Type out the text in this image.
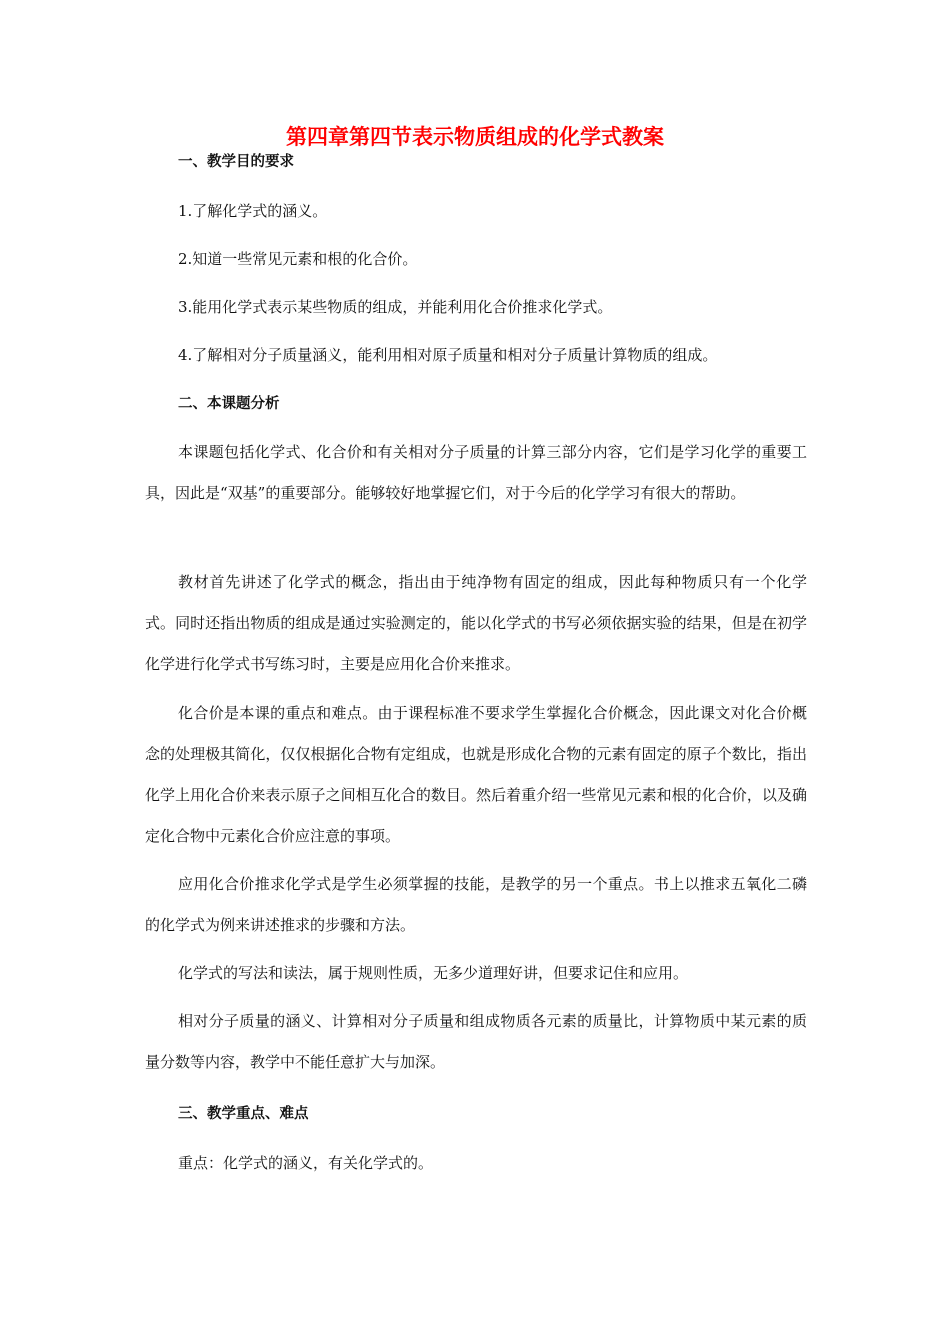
第四章第四节表示物质组成的化学式教案
一、教学目的要求

1.了解化学式的涵义。

2.知道一些常见元素和根的化合价。

3.能用化学式表示某些物质的组成，并能利用化合价推求化学式。

4.了解相对分子质量涵义，能利用相对原子质量和相对分子质量计算物质的组成。

二、本课题分析

本课题包括化学式、化合价和有关相对分子质量的计算三部分内容，它们是学习化学的重要工具，因此是“双基”的重要部分。能够较好地掌握它们，对于今后的化学学习有很大的帮助。

教材首先讲述了化学式的概念，指出由于纯净物有固定的组成，因此每种物质只有一个化学式。同时还指出物质的组成是通过实验测定的，能以化学式的书写必须依据实验的结果，但是在初学化学进行化学式书写练习时，主要是应用化合价来推求。

化合价是本课的重点和难点。由于课程标准不要求学生掌握化合价概念，因此课文对化合价概念的处理极其简化，仅仅根据化合物有定组成，也就是形成化合物的元素有固定的原子个数比，指出化学上用化合价来表示原子之间相互化合的数目。然后着重介绍一些常见元素和根的化合价，以及确定化合物中元素化合价应注意的事项。

应用化合价推求化学式是学生必须掌握的技能，是教学的另一个重点。书上以推求五氧化二磷的化学式为例来讲述推求的步骤和方法。

化学式的写法和读法，属于规则性质，无多少道理好讲，但要求记住和应用。

相对分子质量的涵义、计算相对分子质量和组成物质各元素的质量比，计算物质中某元素的质量分数等内容，教学中不能任意扩大与加深。

三、教学重点、难点

重点：化学式的涵义，有关化学式的。
